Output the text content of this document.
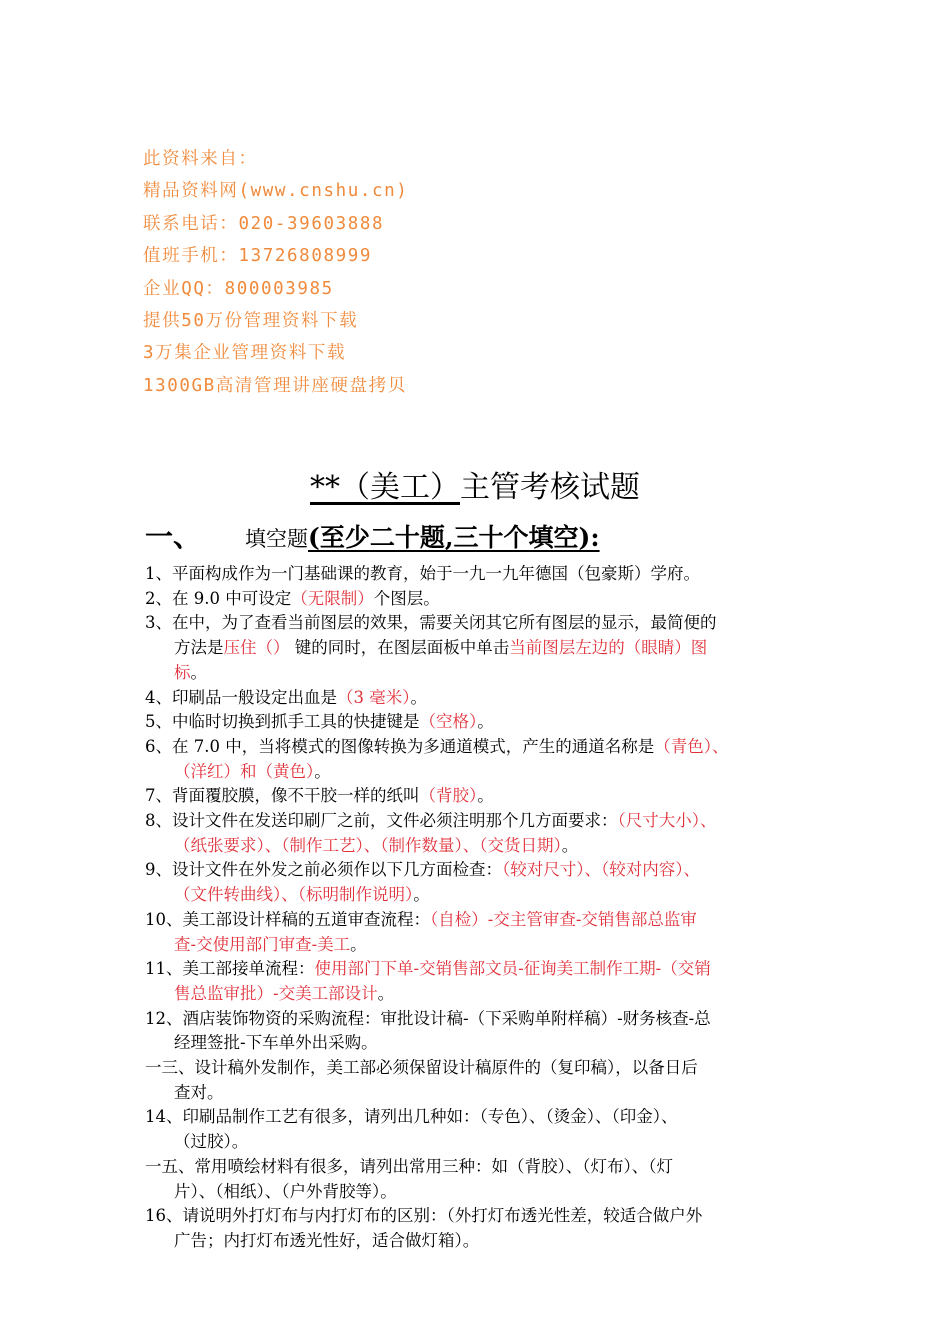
此资料来自：
精品资料网(www.cnshu.cn)
联系电话：020-39603888
值班手机：13726808999
企业QQ：800003985
提供50万份管理资料下载
3万集企业管理资料下载
1300GB高清管理讲座硬盘拷贝
**（美工）主管考核试题
一、 填空题(至少二十题,三十个填空):
1、平面构成作为一门基础课的教育，始于一九一九年德国（包豪斯）学府。
2、在 9.0 中可设定（无限制）个图层。
3、在中，为了查看当前图层的效果，需要关闭其它所有图层的显示，最简便的
方法是压住（） 键的同时，在图层面板中单击当前图层左边的（眼睛）图
标。
4、印刷品一般设定出血是（3 毫米）。
5、中临时切换到抓手工具的快捷键是（空格）。
6、在 7.0 中，当将模式的图像转换为多通道模式，产生的通道名称是（青色）、
（洋红）和（黄色）。
7、背面覆胶膜，像不干胶一样的纸叫（背胶）。
8、设计文件在发送印刷厂之前，文件必须注明那个几方面要求：（尺寸大小）、
（纸张要求）、（制作工艺）、（制作数量）、（交货日期）。
9、设计文件在外发之前必须作以下几方面检查：（较对尺寸）、（较对内容）、
（文件转曲线）、（标明制作说明）。
10、美工部设计样稿的五道审查流程：（自检）-交主管审查-交销售部总监审
查-交使用部门审查-美工。
11、美工部接单流程：使用部门下单-交销售部文员-征询美工制作工期-（交销
售总监审批）-交美工部设计。
12、酒店装饰物资的采购流程：审批设计稿-（下采购单附样稿）-财务核查-总
经理签批-下车单外出采购。
一三、设计稿外发制作，美工部必须保留设计稿原件的（复印稿），以备日后
查对。
14、印刷品制作工艺有很多，请列出几种如：（专色）、（烫金）、（印金）、
（过胶）。
一五、常用喷绘材料有很多，请列出常用三种：如（背胶）、（灯布）、（灯
片）、（相纸）、（户外背胶等）。
16、请说明外打灯布与内打灯布的区别：（外打灯布透光性差，较适合做户外
广告；内打灯布透光性好，适合做灯箱）。
